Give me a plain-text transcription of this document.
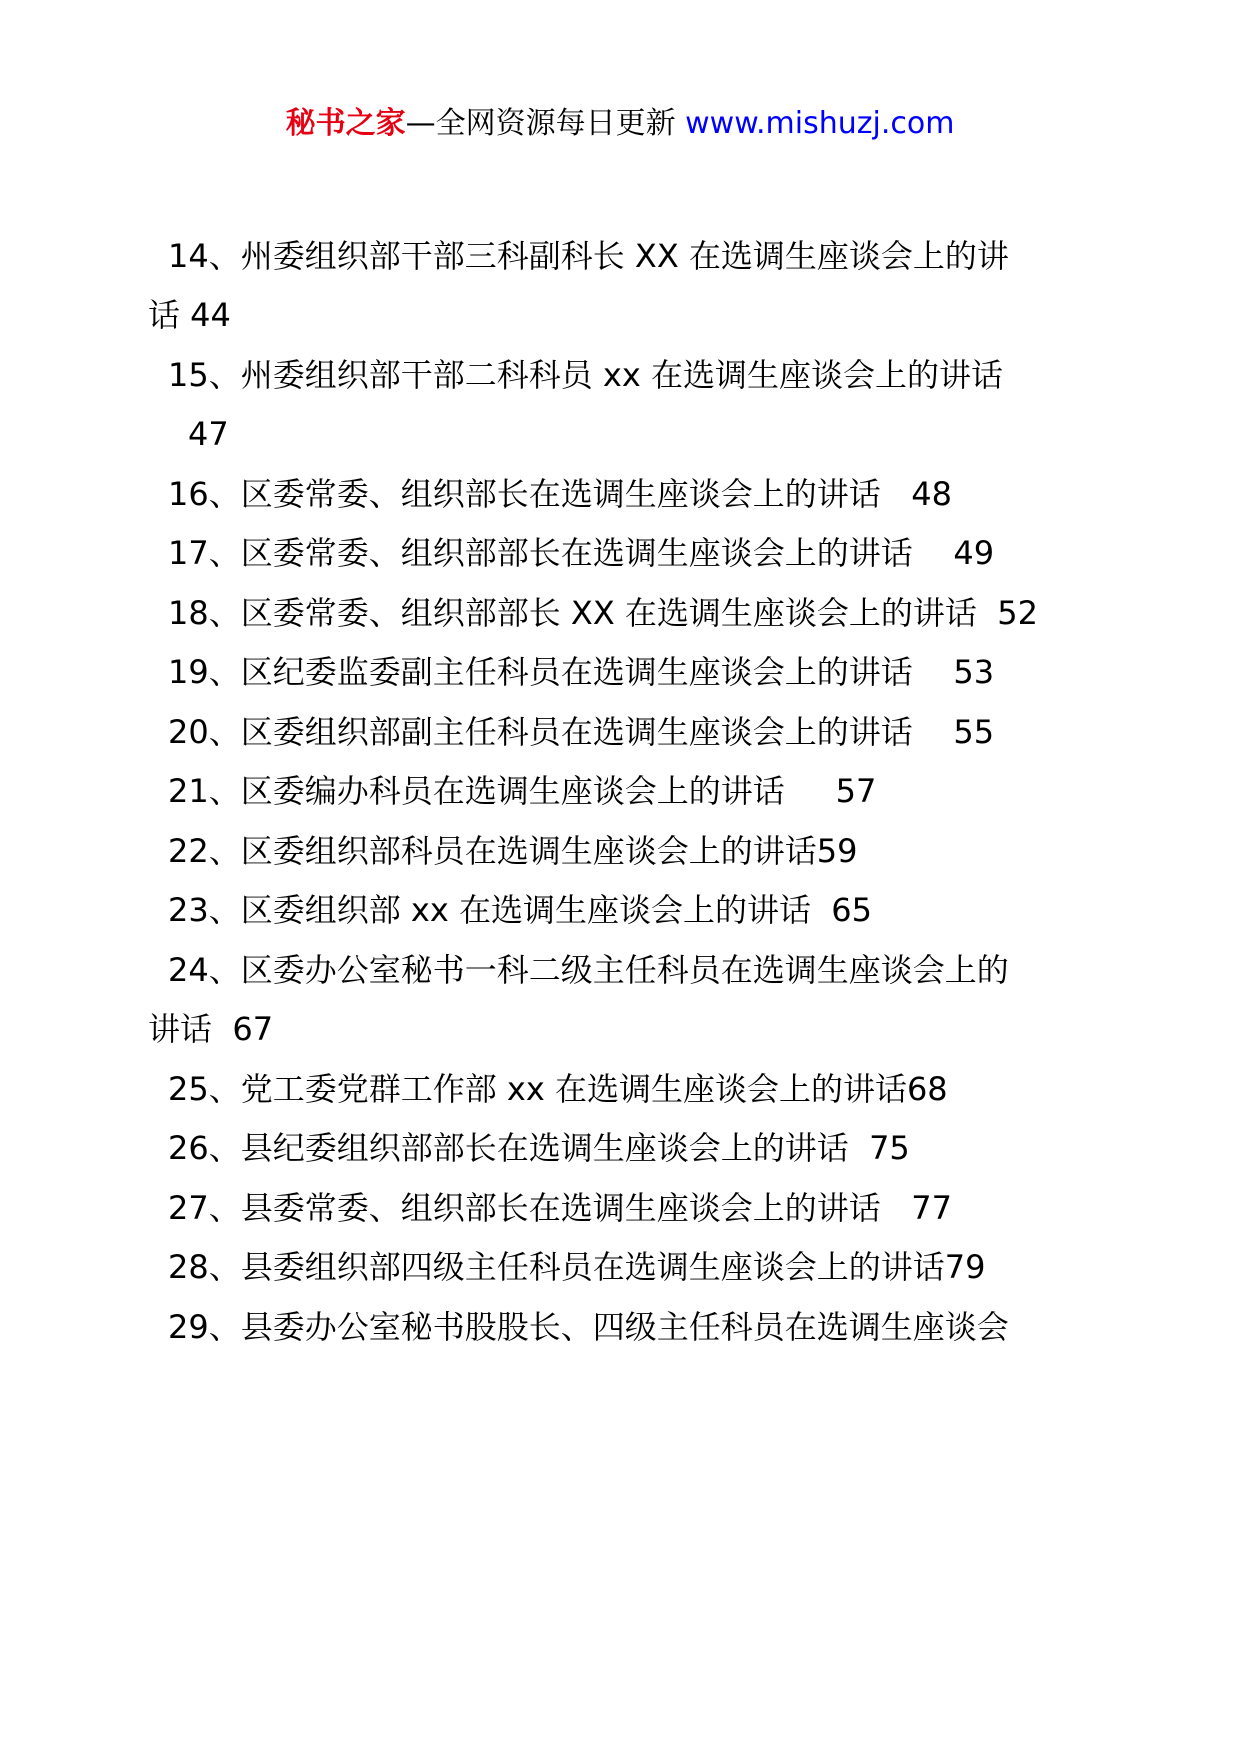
秘书之家—全网资源每日更新 www.mishuzj.com
14、州委组织部干部三科副科长 XX 在选调生座谈会上的讲
话 44
15、州委组织部干部二科科员 xx 在选调生座谈会上的讲话
47
16、区委常委、组织部长在选调生座谈会上的讲话   48
17、区委常委、组织部部长在选调生座谈会上的讲话    49
18、区委常委、组织部部长 XX 在选调生座谈会上的讲话  52
19、区纪委监委副主任科员在选调生座谈会上的讲话    53
20、区委组织部副主任科员在选调生座谈会上的讲话    55
21、区委编办科员在选调生座谈会上的讲话     57
22、区委组织部科员在选调生座谈会上的讲话59
23、区委组织部 xx 在选调生座谈会上的讲话  65
24、区委办公室秘书一科二级主任科员在选调生座谈会上的
讲话  67
25、党工委党群工作部 xx 在选调生座谈会上的讲话68
26、县纪委组织部部长在选调生座谈会上的讲话  75
27、县委常委、组织部长在选调生座谈会上的讲话   77
28、县委组织部四级主任科员在选调生座谈会上的讲话79
29、县委办公室秘书股股长、四级主任科员在选调生座谈会
